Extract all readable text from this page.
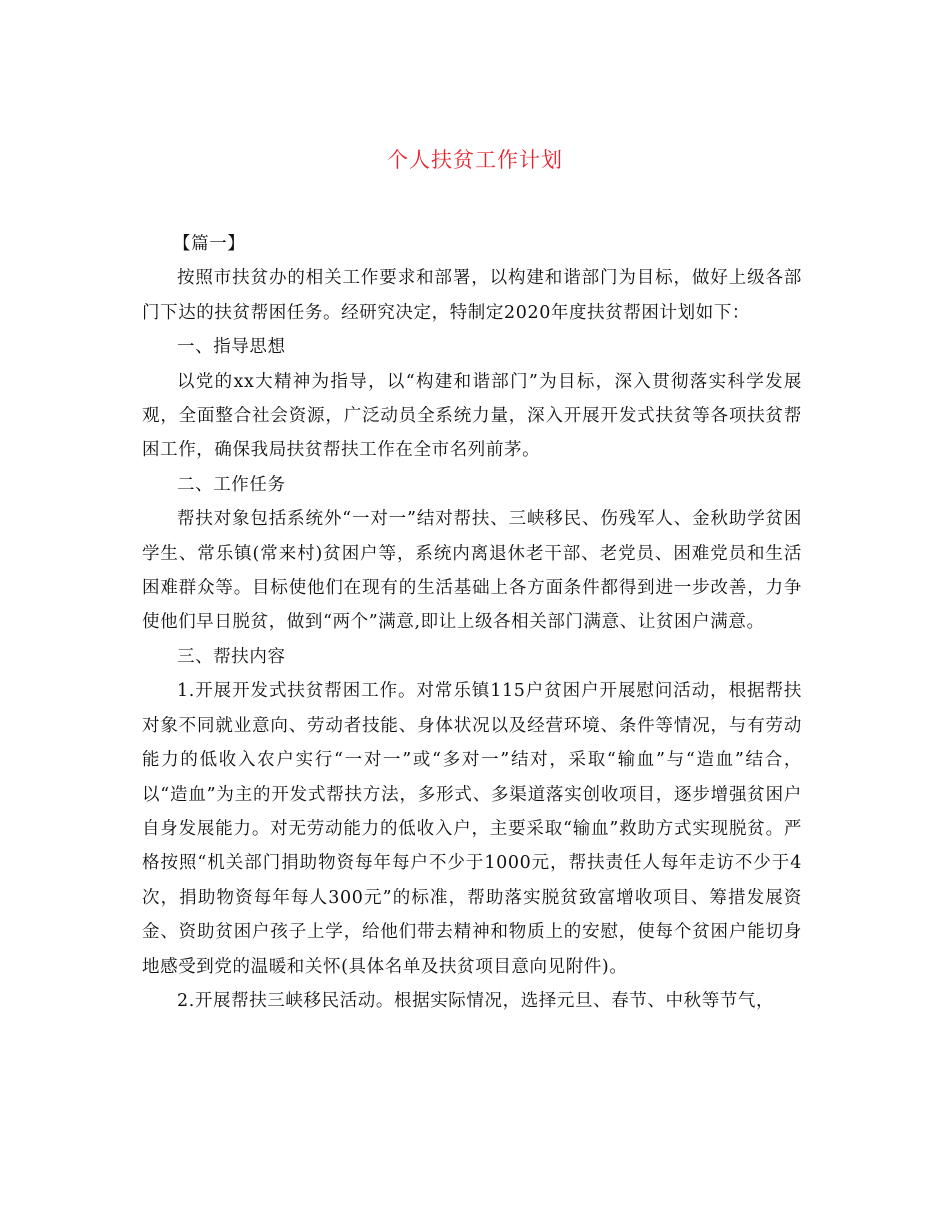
个人扶贫工作计划

【篇一】

按照市扶贫办的相关工作要求和部署，以构建和谐部门为目标，做好上级各部门下达的扶贫帮困任务。经研究决定，特制定2020年度扶贫帮困计划如下：

一、指导思想

以党的xx大精神为指导，以“构建和谐部门”为目标，深入贯彻落实科学发展观，全面整合社会资源，广泛动员全系统力量，深入开展开发式扶贫等各项扶贫帮困工作，确保我局扶贫帮扶工作在全市名列前茅。

二、工作任务

帮扶对象包括系统外“一对一”结对帮扶、三峡移民、伤残军人、金秋助学贫困学生、常乐镇(常来村)贫困户等，系统内离退休老干部、老党员、困难党员和生活困难群众等。目标使他们在现有的生活基础上各方面条件都得到进一步改善，力争使他们早日脱贫，做到“两个”满意,即让上级各相关部门满意、让贫困户满意。

三、帮扶内容

1.开展开发式扶贫帮困工作。对常乐镇115户贫困户开展慰问活动，根据帮扶对象不同就业意向、劳动者技能、身体状况以及经营环境、条件等情况，与有劳动能力的低收入农户实行“一对一”或“多对一”结对，采取“输血”与“造血”结合，以“造血”为主的开发式帮扶方法，多形式、多渠道落实创收项目，逐步增强贫困户自身发展能力。对无劳动能力的低收入户，主要采取“输血”救助方式实现脱贫。严格按照“机关部门捐助物资每年每户不少于1000元，帮扶责任人每年走访不少于4次，捐助物资每年每人300元”的标准，帮助落实脱贫致富增收项目、筹措发展资金、资助贫困户孩子上学，给他们带去精神和物质上的安慰，使每个贫困户能切身地感受到党的温暖和关怀(具体名单及扶贫项目意向见附件)。

2.开展帮扶三峡移民活动。根据实际情况，选择元旦、春节、中秋等节气，
